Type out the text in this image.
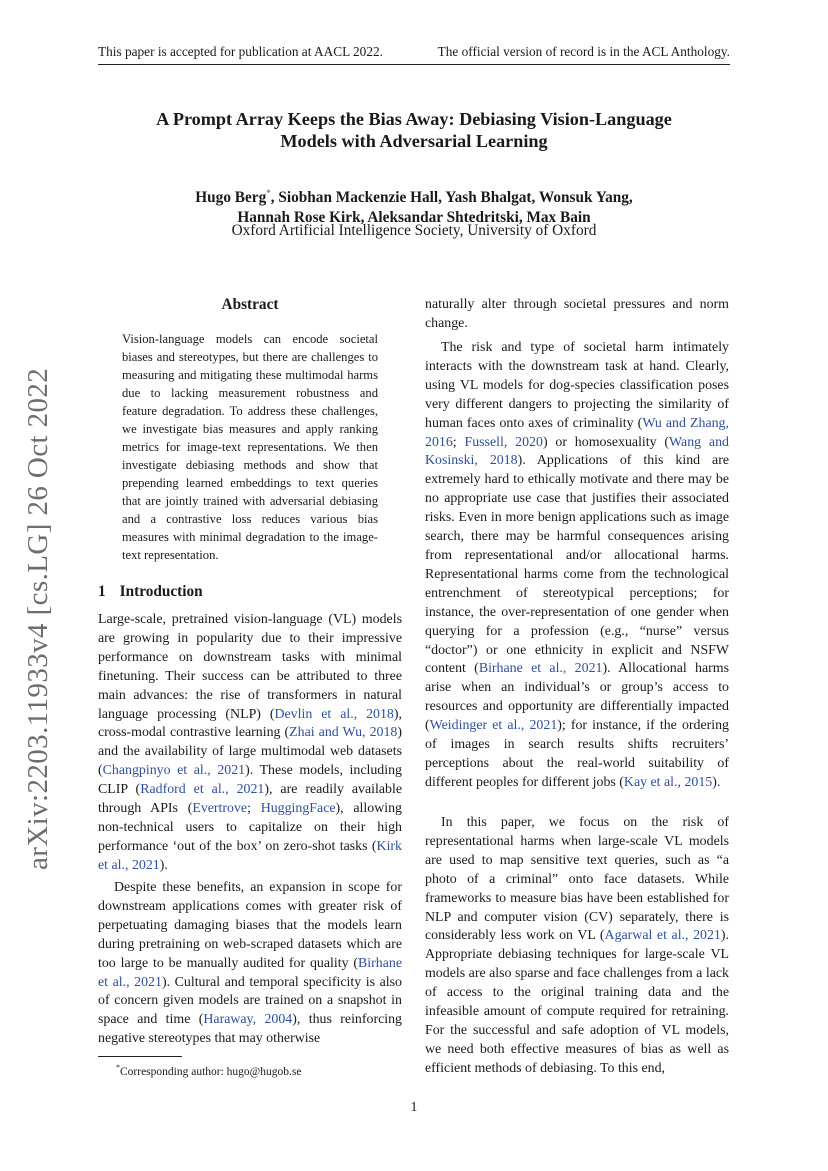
This paper is accepted for publication at AACL 2022.	The official version of record is in the ACL Anthology.
A Prompt Array Keeps the Bias Away: Debiasing Vision-Language
Models with Adversarial Learning
Hugo Berg*, Siobhan Mackenzie Hall, Yash Bhalgat, Wonsuk Yang,
Hannah Rose Kirk, Aleksandar Shtedritski, Max Bain
Oxford Artificial Intelligence Society, University of Oxford
arXiv:2203.11933v4 [cs.LG] 26 Oct 2022
Abstract
Vision-language models can encode societal biases and stereotypes, but there are challenges to measuring and mitigating these multimodal harms due to lacking measurement robustness and feature degradation. To address these challenges, we investigate bias measures and apply ranking metrics for image-text representations. We then investigate debiasing methods and show that prepending learned embeddings to text queries that are jointly trained with adversarial debiasing and a contrastive loss reduces various bias measures with minimal degradation to the image-text representation.
1 Introduction

Large-scale, pretrained vision-language (VL) models are growing in popularity due to their impressive performance on downstream tasks with minimal finetuning. Their success can be attributed to three main advances: the rise of transformers in natural language processing (NLP) (Devlin et al., 2018), cross-modal contrastive learning (Zhai and Wu, 2018) and the availability of large multimodal web datasets (Changpinyo et al., 2021). These models, including CLIP (Radford et al., 2021), are readily available through APIs (Evertrove; HuggingFace), allowing non-technical users to capitalize on their high performance ‘out of the box’ on zero-shot tasks (Kirk et al., 2021).

Despite these benefits, an expansion in scope for downstream applications comes with greater risk of perpetuating damaging biases that the models learn during pretraining on web-scraped datasets which are too large to be manually audited for quality (Birhane et al., 2021). Cultural and temporal specificity is also of concern given models are trained on a snapshot in space and time (Haraway, 2004), thus reinforcing negative stereotypes that may otherwise

naturally alter through societal pressures and norm change.

The risk and type of societal harm intimately interacts with the downstream task at hand. Clearly, using VL models for dog-species classification poses very different dangers to projecting the similarity of human faces onto axes of criminality (Wu and Zhang, 2016; Fussell, 2020) or homosexuality (Wang and Kosinski, 2018). Applications of this kind are extremely hard to ethically motivate and there may be no appropriate use case that justifies their associated risks. Even in more benign applications such as image search, there may be harmful consequences arising from representational and/or allocational harms. Representational harms come from the technological entrenchment of stereotypical perceptions; for instance, the over-representation of one gender when querying for a profession (e.g., “nurse” versus “doctor”) or one ethnicity in explicit and NSFW content (Birhane et al., 2021). Allocational harms arise when an individual’s or group’s access to resources and opportunity are differentially impacted (Weidinger et al., 2021); for instance, if the ordering of images in search results shifts recruiters’ perceptions about the real-world suitability of different peoples for different jobs (Kay et al., 2015).

In this paper, we focus on the risk of representational harms when large-scale VL models are used to map sensitive text queries, such as “a photo of a criminal” onto face datasets. While frameworks to measure bias have been established for NLP and computer vision (CV) separately, there is considerably less work on VL (Agarwal et al., 2021). Appropriate debiasing techniques for large-scale VL models are also sparse and face challenges from a lack of access to the original training data and the infeasible amount of compute required for retraining. For the successful and safe adoption of VL models, we need both effective measures of bias as well as efficient methods of debiasing. To this end,

*Corresponding author: hugo@hugob.se
1
